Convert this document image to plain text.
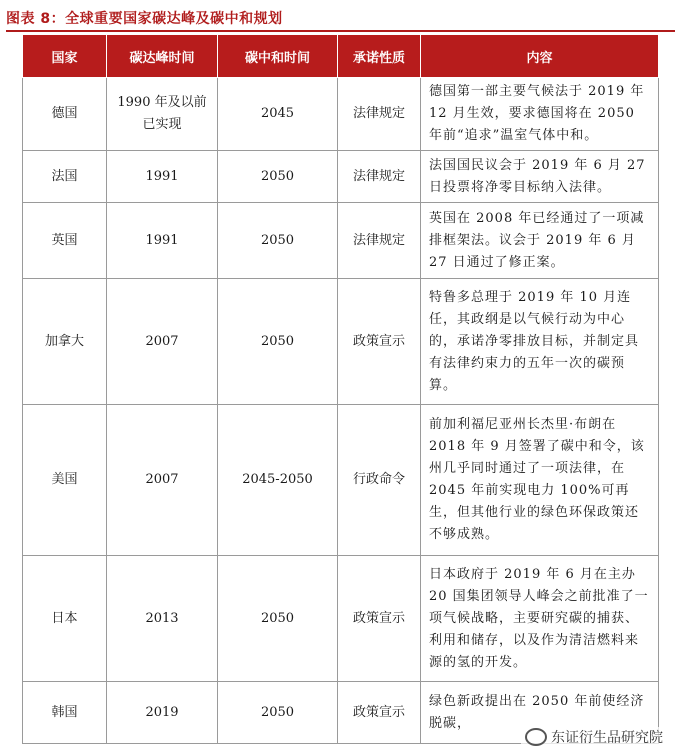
图表 8：全球重要国家碳达峰及碳中和规划
国家	碳达峰时间	碳中和时间	承诺性质	内容
德国	1990 年及以前已实现	2045	法律规定	德国第一部主要气候法于 2019 年 12 月生效，要求德国将在 2050 年前“追求”温室气体中和。
法国	1991	2050	法律规定	法国国民议会于 2019 年 6 月 27 日投票将净零目标纳入法律。
英国	1991	2050	法律规定	英国在 2008 年已经通过了一项减排框架法。议会于 2019 年 6 月 27 日通过了修正案。
加拿大	2007	2050	政策宣示	特鲁多总理于 2019 年 10 月连任，其政纲是以气候行动为中心的，承诺净零排放目标，并制定具有法律约束力的五年一次的碳预算。
美国	2007	2045-2050	行政命令	前加利福尼亚州长杰里·布朗在 2018 年 9 月签署了碳中和令，该州几乎同时通过了一项法律，在 2045 年前实现电力 100%可再生，但其他行业的绿色环保政策还不够成熟。
日本	2013	2050	政策宣示	日本政府于 2019 年 6 月在主办 20 国集团领导人峰会之前批准了一项气候战略，主要研究碳的捕获、利用和储存，以及作为清洁燃料来源的氢的开发。
韩国	2019	2050	政策宣示	绿色新政提出在 2050 年前使经济脱碳，
东证衍生品研究院
